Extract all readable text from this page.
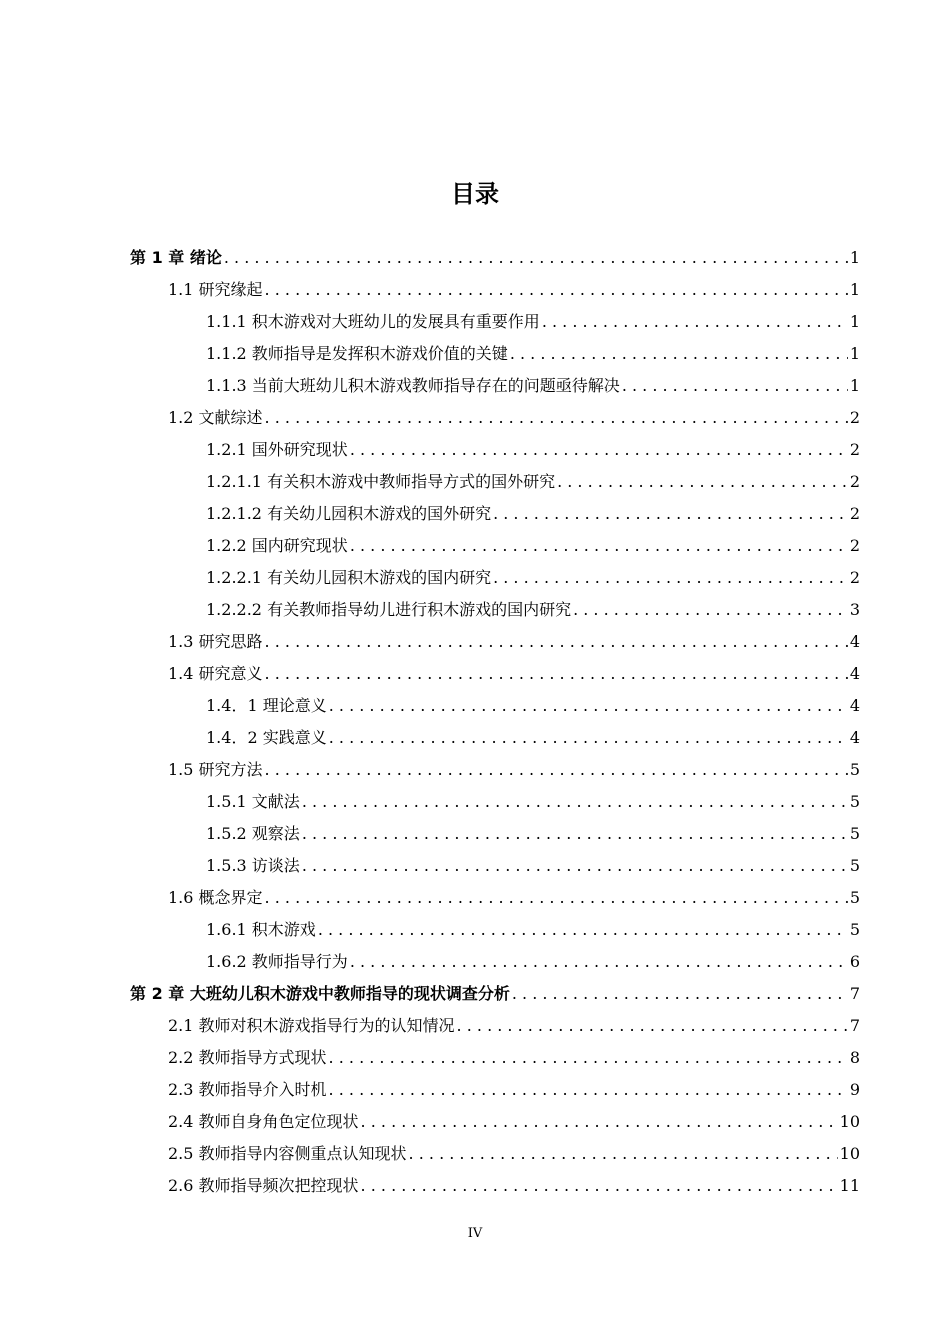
目录
第 1 章 绪论 . . .	1
1.1 研究缘起 . . .	1
1.1.1 积木游戏对大班幼儿的发展具有重要作用 . . .	1
1.1.2 教师指导是发挥积木游戏价值的关键 . . .	1
1.1.3 当前大班幼儿积木游戏教师指导存在的问题亟待解决 . . .	1
1.2 文献综述 . . .	2
1.2.1 国外研究现状 . . .	2
1.2.1.1 有关积木游戏中教师指导方式的国外研究 . . .	2
1.2.1.2 有关幼儿园积木游戏的国外研究 . . .	2
1.2.2 国内研究现状 . . .	2
1.2.2.1 有关幼儿园积木游戏的国内研究 . . .	2
1.2.2.2 有关教师指导幼儿进行积木游戏的国内研究 . . .	3
1.3 研究思路 . . .	4
1.4 研究意义 . . .	4
1.4．1 理论意义 . . .	4
1.4．2 实践意义 . . .	4
1.5 研究方法 . . .	5
1.5.1 文献法 . . .	5
1.5.2 观察法 . . .	5
1.5.3 访谈法 . . .	5
1.6 概念界定 . . .	5
1.6.1 积木游戏 . . .	5
1.6.2 教师指导行为 . . .	6
第 2 章 大班幼儿积木游戏中教师指导的现状调查分析 . . .	7
2.1 教师对积木游戏指导行为的认知情况 . . .	7
2.2 教师指导方式现状 . . .	8
2.3 教师指导介入时机 . . .	9
2.4 教师自身角色定位现状 . . .	10
2.5 教师指导内容侧重点认知现状 . . .	10
2.6 教师指导频次把控现状 . . .	11
IV
